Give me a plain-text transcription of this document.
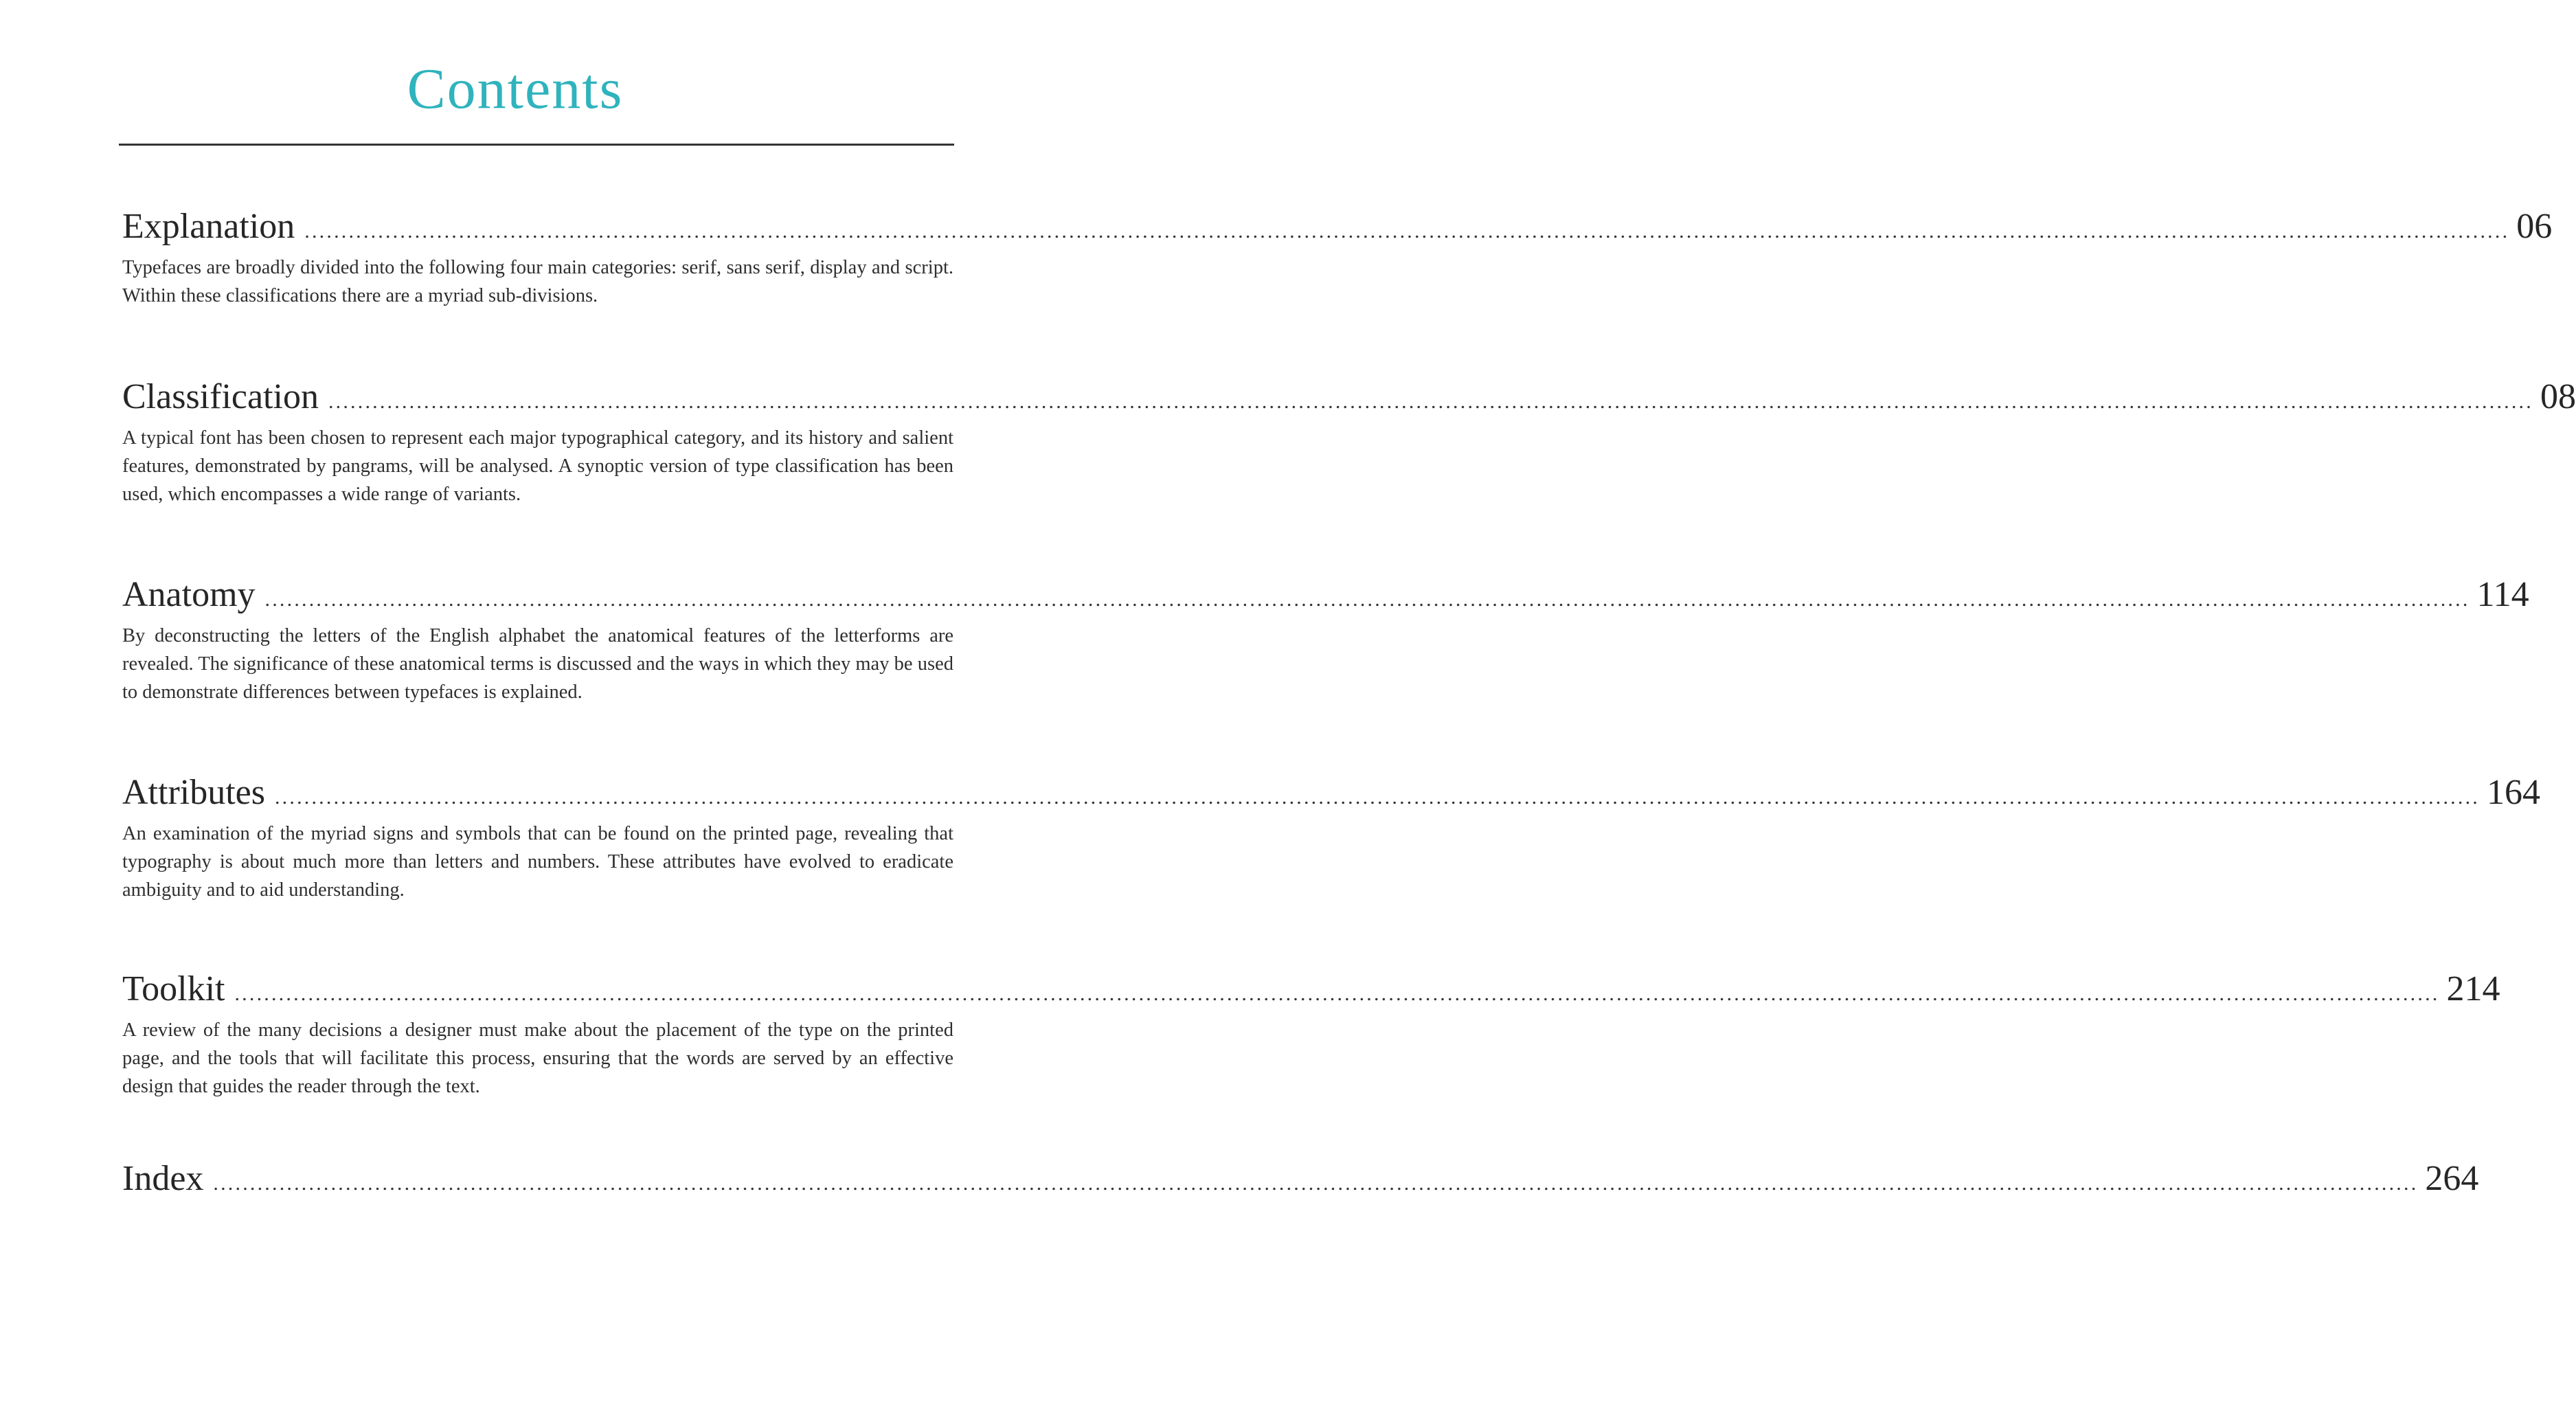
Contents
Explanation ............................................................................................................................................................................................................................................................................................................ 06
Typefaces are broadly divided into the following four main categories: serif, sans serif, display and script. Within these classifications there are a myriad sub-divisions.
Classification ............................................................................................................................................................................................................................................................................................................ 08
A typical font has been chosen to represent each major typographical category, and its history and salient features, demonstrated by pangrams, will be analysed. A synoptic version of type classification has been used, which encompasses a wide range of variants.
Anatomy ............................................................................................................................................................................................................................................................................................................ 114
By deconstructing the letters of the English alphabet the anatomical features of the letterforms are revealed. The significance of these anatomical terms is discussed and the ways in which they may be used to demonstrate differences between typefaces is explained.
Attributes ............................................................................................................................................................................................................................................................................................................ 164
An examination of the myriad signs and symbols that can be found on the printed page, revealing that typography is about much more than letters and numbers. These attributes have evolved to eradicate ambiguity and to aid understanding.
Toolkit ............................................................................................................................................................................................................................................................................................................ 214
A review of the many decisions a designer must make about the placement of the type on the printed page, and the tools that will facilitate this process, ensuring that the words are served by an effective design that guides the reader through the text.
Index ............................................................................................................................................................................................................................................................................................................ 264
